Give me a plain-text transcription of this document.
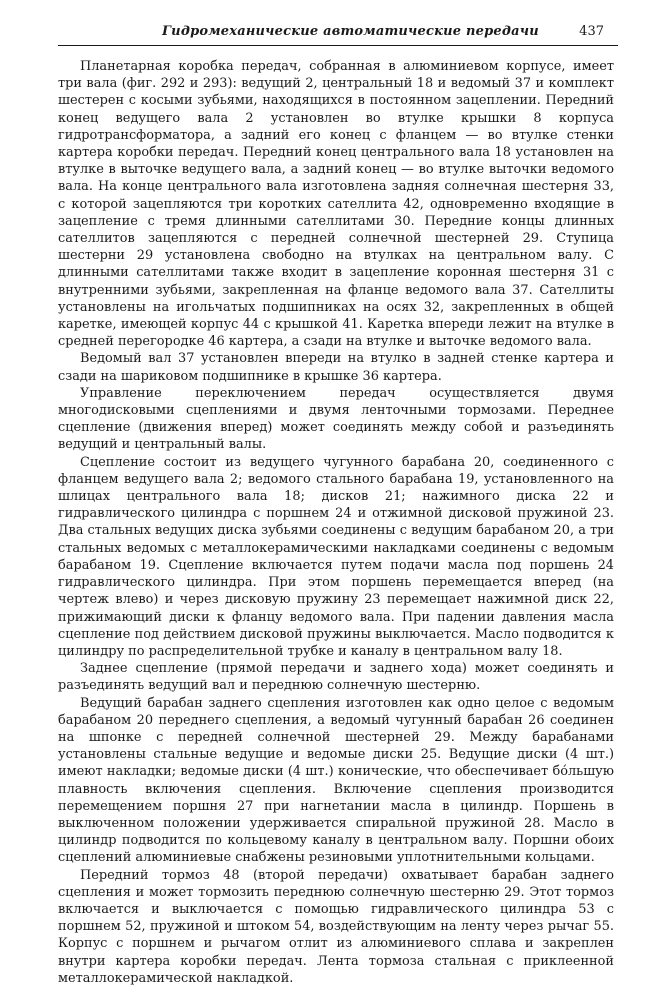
Гидромеханические автоматические передачи	437

Планетарная коробка передач, собранная в алюминиевом корпусе, имеет три вала (фиг. 292 и 293): ведущий 2, центральный 18 и ведомый 37 и комплект шестерен с косыми зубьями, находящихся в постоянном зацеплении. Передний конец ведущего вала 2 установлен во втулке крышки 8 корпуса гидротрансформатора, а задний его конец с фланцем — во втулке стенки картера коробки передач. Передний конец центрального вала 18 установлен на втулке в выточке ведущего вала, а задний конец — во втулке выточки ведомого вала. На конце центрального вала изготовлена задняя солнечная шестерня 33, с которой зацепляются три коротких сателлита 42, одновременно входящие в зацепление с тремя длинными сателлитами 30. Передние концы длинных сателлитов зацепляются с передней солнечной шестерней 29. Ступица шестерни 29 установлена свободно на втулках на центральном валу. С длинными сателлитами также входит в зацепление коронная шестерня 31 с внутренними зубьями, закрепленная на фланце ведомого вала 37. Сателлиты установлены на игольчатых подшипниках на осях 32, закрепленных в общей каретке, имеющей корпус 44 с крышкой 41. Каретка впереди лежит на втулке в средней перегородке 46 картера, а сзади на втулке и выточке ведомого вала.

Ведомый вал 37 установлен впереди на втулко в задней стенке картера и сзади на шариковом подшипнике в крышке 36 картера.

Управление переключением передач осуществляется двумя многодисковыми сцеплениями и двумя ленточными тормозами. Переднее сцепление (движения вперед) может соединять между собой и разъединять ведущий и центральный валы.

Сцепление состоит из ведущего чугунного барабана 20, соединенного с фланцем ведущего вала 2; ведомого стального барабана 19, установленного на шлицах центрального вала 18; дисков 21; нажимного диска 22 и гидравлического цилиндра с поршнем 24 и отжимной дисковой пружиной 23. Два стальных ведущих диска зубьями соединены с ведущим барабаном 20, а три стальных ведомых с металлокерамическими накладками соединены с ведомым барабаном 19. Сцепление включается путем подачи масла под поршень 24 гидравлического цилиндра. При этом поршень перемещается вперед (на чертеж влево) и через дисковую пружину 23 перемещает нажимной диск 22, прижимающий диски к фланцу ведомого вала. При падении давления масла сцепление под действием дисковой пружины выключается. Масло подводится к цилиндру по распределительной трубке и каналу в центральном валу 18.

Заднее сцепление (прямой передачи и заднего хода) может соединять и разъединять ведущий вал и переднюю солнечную шестерню.

Ведущий барабан заднего сцепления изготовлен как одно целое с ведомым барабаном 20 переднего сцепления, а ведомый чугунный барабан 26 соединен на шпонке с передней солнечной шестерней 29. Между барабанами установлены стальные ведущие и ведомые диски 25. Ведущие диски (4 шт.) имеют накладки; ведомые диски (4 шт.) конические, что обеспечивает бо́льшую плавность включения сцепления. Включение сцепления производится перемещением поршня 27 при нагнетании масла в цилиндр. Поршень в выключенном положении удерживается спиральной пружиной 28. Масло в цилиндр подводится по кольцевому каналу в центральном валу. Поршни обоих сцеплений алюминиевые снабжены резиновыми уплотнительными кольцами.

Передний тормоз 48 (второй передачи) охватывает барабан заднего сцепления и может тормозить переднюю солнечную шестерню 29. Этот тормоз включается и выключается с помощью гидравлического цилиндра 53 с поршнем 52, пружиной и штоком 54, воздействующим на ленту через рычаг 55. Корпус с поршнем и рычагом отлит из алюминиевого сплава и закреплен внутри картера коробки передач. Лента тормоза стальная с приклеенной металлокерамической накладкой.
